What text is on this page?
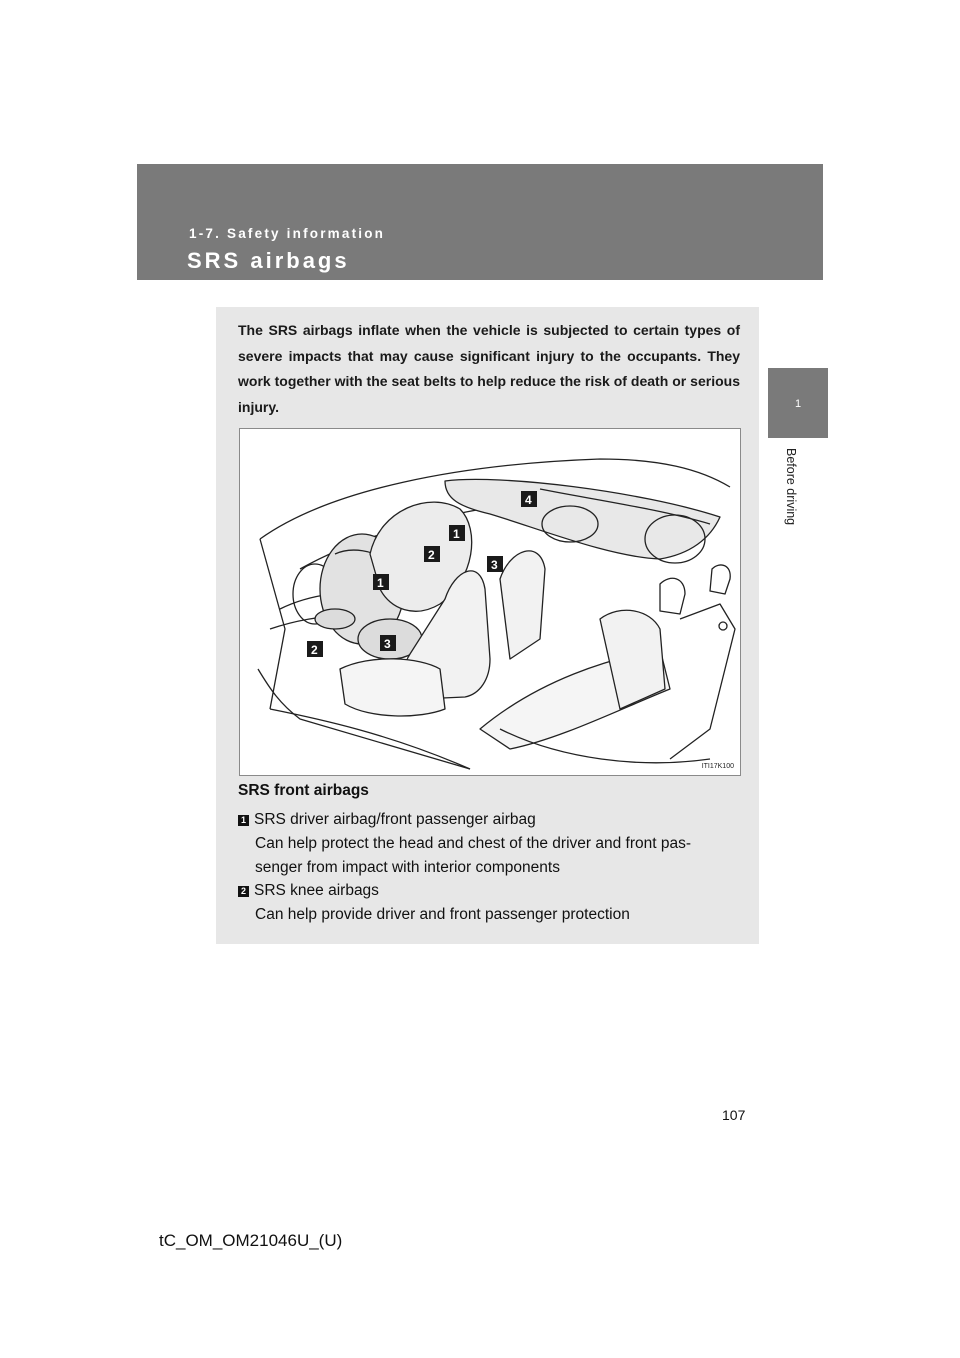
1-7. Safety information
SRS airbags
1
Before driving
The SRS airbags inflate when the vehicle is subjected to certain types of severe impacts that may cause significant injury to the occupants. They work together with the seat belts to help reduce the risk of death or serious injury.
4
1
2
3
1
3
2
ITI17K100
SRS front airbags
1 SRS driver airbag/front passenger airbag
Can help protect the head and chest of the driver and front pas-
senger from impact with interior components
2 SRS knee airbags
Can help provide driver and front passenger protection
107
tC_OM_OM21046U_(U)
